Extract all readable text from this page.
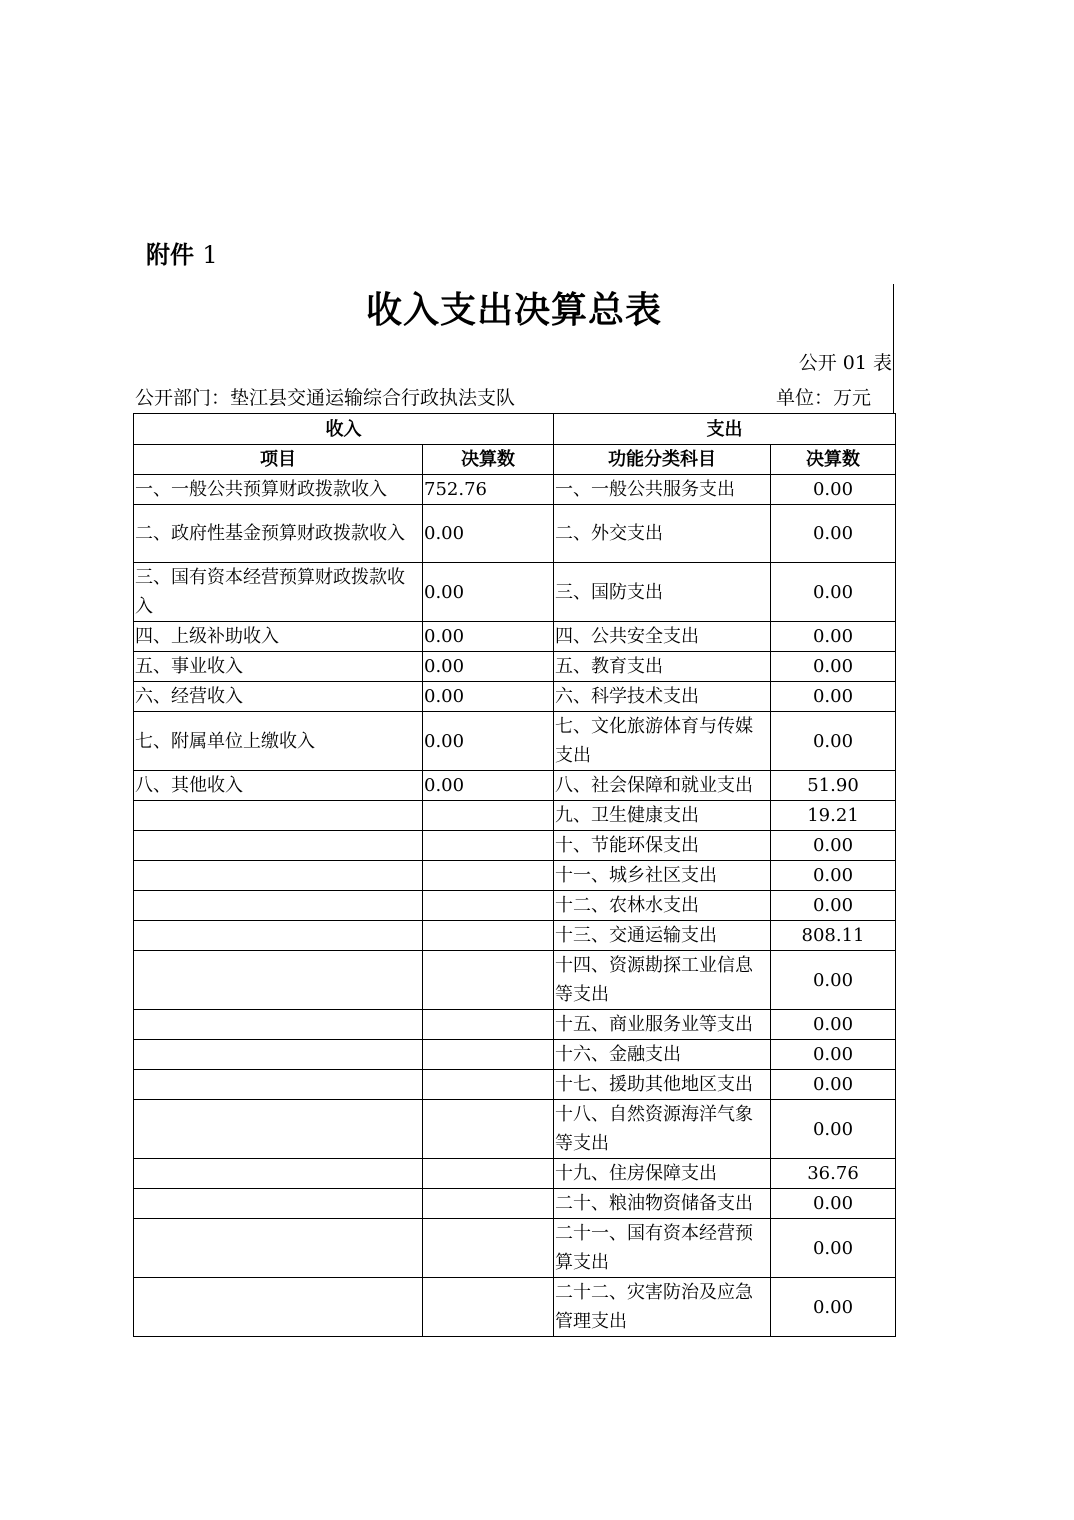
附件 1
收入支出决算总表
公开 01 表
公开部门：垫江县交通运输综合行政执法支队	单位：万元
收入		支出	
项目	决算数	功能分类科目	决算数
一、一般公共预算财政拨款收入	752.76	一、一般公共服务支出	0.00
二、政府性基金预算财政拨款收入	0.00	二、外交支出	0.00
三、国有资本经营预算财政拨款收入	0.00	三、国防支出	0.00
四、上级补助收入	0.00	四、公共安全支出	0.00
五、事业收入	0.00	五、教育支出	0.00
六、经营收入	0.00	六、科学技术支出	0.00
七、附属单位上缴收入	0.00	七、文化旅游体育与传媒支出	0.00
八、其他收入	0.00	八、社会保障和就业支出	51.90
		九、卫生健康支出	19.21
		十、节能环保支出	0.00
		十一、城乡社区支出	0.00
		十二、农林水支出	0.00
		十三、交通运输支出	808.11
		十四、资源勘探工业信息等支出	0.00
		十五、商业服务业等支出	0.00
		十六、金融支出	0.00
		十七、援助其他地区支出	0.00
		十八、自然资源海洋气象等支出	0.00
		十九、住房保障支出	36.76
		二十、粮油物资储备支出	0.00
		二十一、国有资本经营预算支出	0.00
		二十二、灾害防治及应急管理支出	0.00
